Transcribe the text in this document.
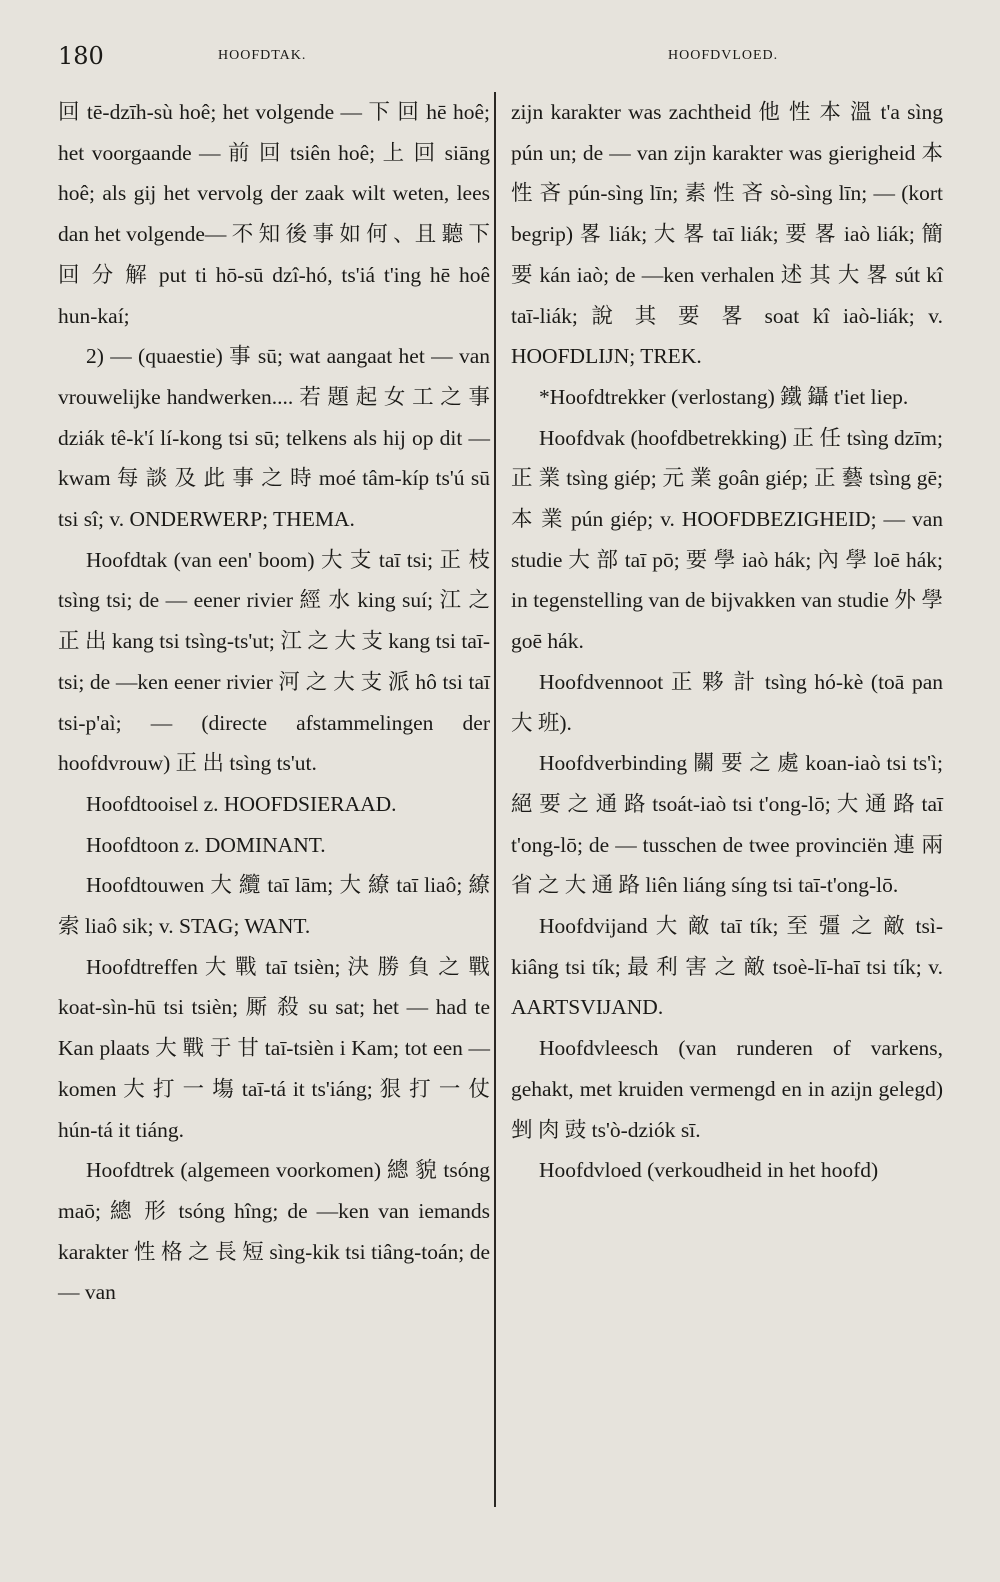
180	HOOFDTAK.	HOOFDVLOED.

回 tē-dzīh-sù hoê; het volgende — 下 回 hē hoê; het voorgaande — 前 回 tsiên hoê; 上 回 siāng hoê; als gij het vervolg der zaak wilt weten, lees dan het volgende— 不 知 後 事 如 何 、且 聽 下 回 分 解 put ti hō-sū dzî-hó, ts'iá t'ing hē hoê hun-kaí;

2) — (quaestie) 事 sū; wat aangaat het — van vrouwelijke handwerken.... 若 題 起 女 工 之 事 dziák tê-k'í lí-kong tsi sū; telkens als hij op dit — kwam 每 談 及 此 事 之 時 moé tâm-kíp ts'ú sū tsi sî; v. ONDERWERP; THEMA.

Hoofdtak (van een' boom) 大 支 taī tsi; 正 枝 tsìng tsi; de — eener rivier 經 水 king suí; 江 之 正 出 kang tsi tsìng-ts'ut; 江 之 大 支 kang tsi taī-tsi; de —ken eener rivier 河 之 大 支 派 hô tsi taī tsi-p'aì; — (directe afstammelingen der hoofdvrouw) 正 出 tsìng ts'ut.

Hoofdtooisel z. HOOFDSIERAAD.

Hoofdtoon z. DOMINANT.

Hoofdtouwen 大 纜 taī lām; 大 繚 taī liaô; 繚 索 liaô sik; v. STAG; WANT.

Hoofdtreffen 大 戰 taī tsièn; 決 勝 負 之 戰 koat-sìn-hū tsi tsièn; 厮 殺 su sat; het — had te Kan plaats 大 戰 于 甘 taī-tsièn i Kam; tot een — komen 大 打 一 塲 taī-tá it ts'iáng; 狠 打 一 仗 hún-tá it tiáng.

Hoofdtrek (algemeen voorkomen) 總 貌 tsóng maō; 總 形 tsóng hîng; de —ken van iemands karakter 性 格 之 長 短 sìng-kik tsi tiâng-toán; de — van

zijn karakter was zachtheid 他 性 本 溫 t'a sìng pún un; de — van zijn karakter was gierigheid 本 性 吝 pún-sìng līn; 素 性 吝 sò-sìng līn; — (kort begrip) 畧 liák; 大 畧 taī liák; 要 畧 iaò liák; 簡 要 kán iaò; de —ken verhalen 述 其 大 畧 sút kî taī-liák; 說 其 要 畧 soat kî iaò-liák; v. HOOFDLIJN; TREK.

*Hoofdtrekker (verlostang) 鐵 鑷 t'iet liep.

Hoofdvak (hoofdbetrekking) 正 任 tsìng dzīm; 正 業 tsìng giép; 元 業 goân giép; 正 藝 tsìng gē; 本 業 pún giép; v. HOOFDBEZIGHEID; — van studie 大 部 taī pō; 要 學 iaò hák; 內 學 loē hák; in tegenstelling van de bijvakken van studie 外 學 goē hák.

Hoofdvennoot 正 夥 計 tsìng hó-kè (toā pan 大 班).

Hoofdverbinding 關 要 之 處 koan-iaò tsi ts'ì; 絕 要 之 通 路 tsoát-iaò tsi t'ong-lō; 大 通 路 taī t'ong-lō; de — tusschen de twee provinciën 連 兩 省 之 大 通 路 liên liáng síng tsi taī-t'ong-lō.

Hoofdvijand 大 敵 taī tík; 至 彊 之 敵 tsì-kiâng tsi tík; 最 利 害 之 敵 tsoè-lī-haī tsi tík; v. AARTSVIJAND.

Hoofdvleesch (van runderen of varkens, gehakt, met kruiden vermengd en in azijn gelegd) 剉 肉 豉 ts'ò-dziók sī.

Hoofdvloed (verkoudheid in het hoofd)
